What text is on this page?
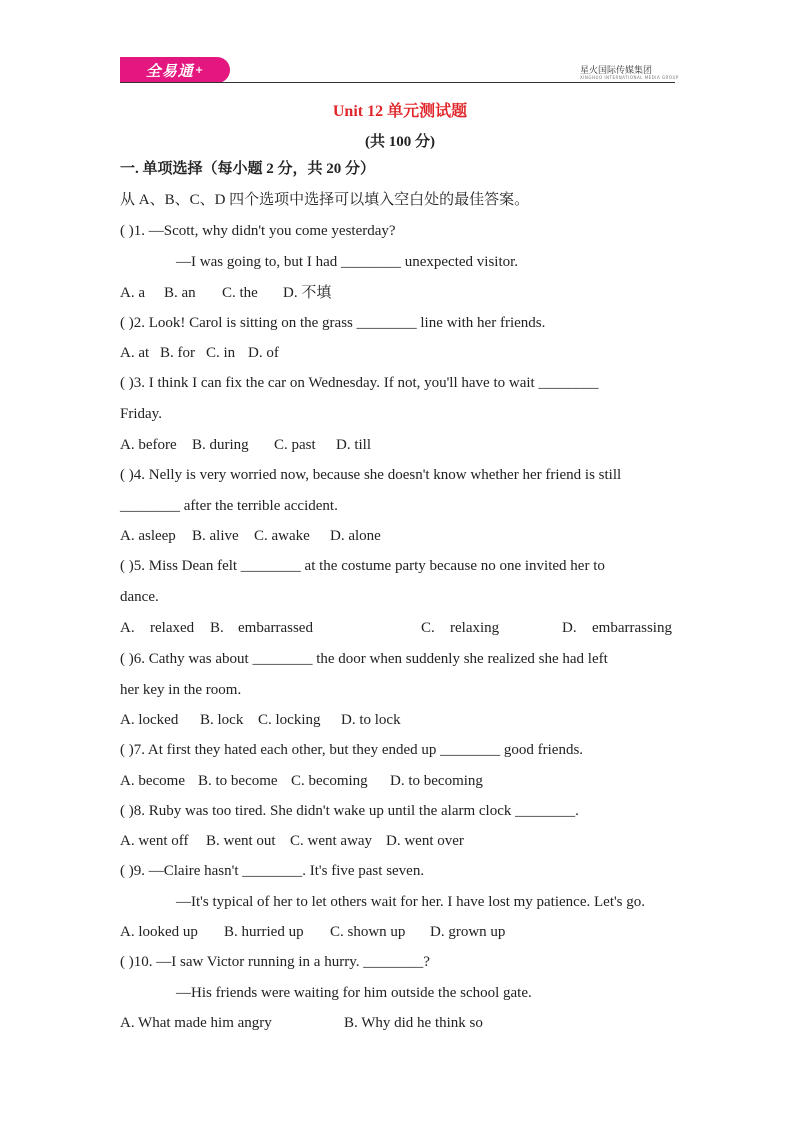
全易通 +	星火国际传媒集团
XINGHUO INTERNATIONAL MEDIA GROUP
Unit 12 单元测试题
(共 100 分)
一. 单项选择（每小题 2 分，共 20 分）
从 A、B、C、D 四个选项中选择可以填入空白处的最佳答案。
( )1. —Scott, why didn't you come yesterday?
—I was going to, but I had ________ unexpected visitor.
A. a B. an C. the D. 不填
( )2. Look! Carol is sitting on the grass ________ line with her friends.
A. at B. for C. in D. of
( )3. I think I can fix the car on Wednesday. If not, you'll have to wait ________
Friday.
A. before B. during C. past D. till
( )4. Nelly is very worried now, because she doesn't know whether her friend is still
________ after the terrible accident.
A. asleep B. alive C. awake D. alone
( )5. Miss Dean felt ________ at the costume party because no one invited her to
dance.
A. relaxed B. embarrassed	C. relaxing	D. embarrassing
( )6. Cathy was about ________ the door when suddenly she realized she had left
her key in the room.
A. locked B. lock C. locking D. to lock
( )7. At first they hated each other, but they ended up ________ good friends.
A. become B. to become C. becoming D. to becoming
( )8. Ruby was too tired. She didn't wake up until the alarm clock ________.
A. went off B. went out C. went away D. went over
( )9. —Claire hasn't ________. It's five past seven.
—It's typical of her to let others wait for her. I have lost my patience. Let's go.
A. looked up B. hurried up C. shown up D. grown up
( )10. —I saw Victor running in a hurry. ________?
—His friends were waiting for him outside the school gate.
A. What made him angry	B. Why did he think so
